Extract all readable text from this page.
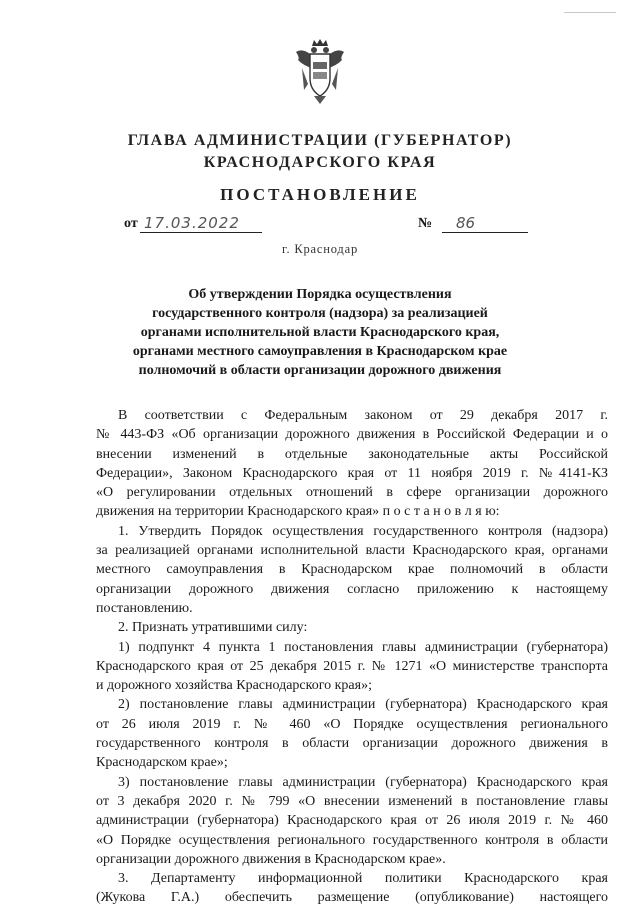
ГЛАВА АДМИНИСТРАЦИИ (ГУБЕРНАТОР)
КРАСНОДАРСКОГО КРАЯ
ПОСТАНОВЛЕНИЕ
от 17.03.2022	№	86
г. Краснодар
Об утверждении Порядка осуществления
государственного контроля (надзора) за реализацией
органами исполнительной власти Краснодарского края,
органами местного самоуправления в Краснодарском крае
полномочий в области организации дорожного движения
В соответствии с Федеральным законом от 29 декабря 2017 г.
№ 443-ФЗ «Об организации дорожного движения в Российской Федерации и о
внесении изменений в отдельные законодательные акты Российской
Федерации», Законом Краснодарского края от 11 ноября 2019 г. №4141-КЗ
«О регулировании отдельных отношений в сфере организации дорожного
движения на территории Краснодарского края» п о с т а н о в л я ю:
1. Утвердить Порядок осуществления государственного контроля (надзора)
за реализацией органами исполнительной власти Краснодарского края, органами
местного самоуправления в Краснодарском крае полномочий в области
организации дорожного движения согласно приложению к настоящему
постановлению.
2. Признать утратившими силу:
1) подпункт 4 пункта 1 постановления главы администрации (губернатора)
Краснодарского края от 25 декабря 2015 г. № 1271 «О министерстве транспорта
и дорожного хозяйства Краснодарского края»;
2) постановление главы администрации (губернатора) Краснодарского края
от 26 июля 2019 г. № 460 «О Порядке осуществления регионального
государственного контроля в области организации дорожного движения в
Краснодарском крае»;
3) постановление главы администрации (губернатора) Краснодарского края
от 3 декабря 2020 г. № 799 «О внесении изменений в постановление главы
администрации (губернатора) Краснодарского края от 26 июля 2019 г. № 460
«О Порядке осуществления регионального государственного контроля в области
организации дорожного движения в Краснодарском крае».
3. Департаменту информационной политики Краснодарского края
(Жукова Г.А.) обеспечить размещение (опубликование) настоящего
